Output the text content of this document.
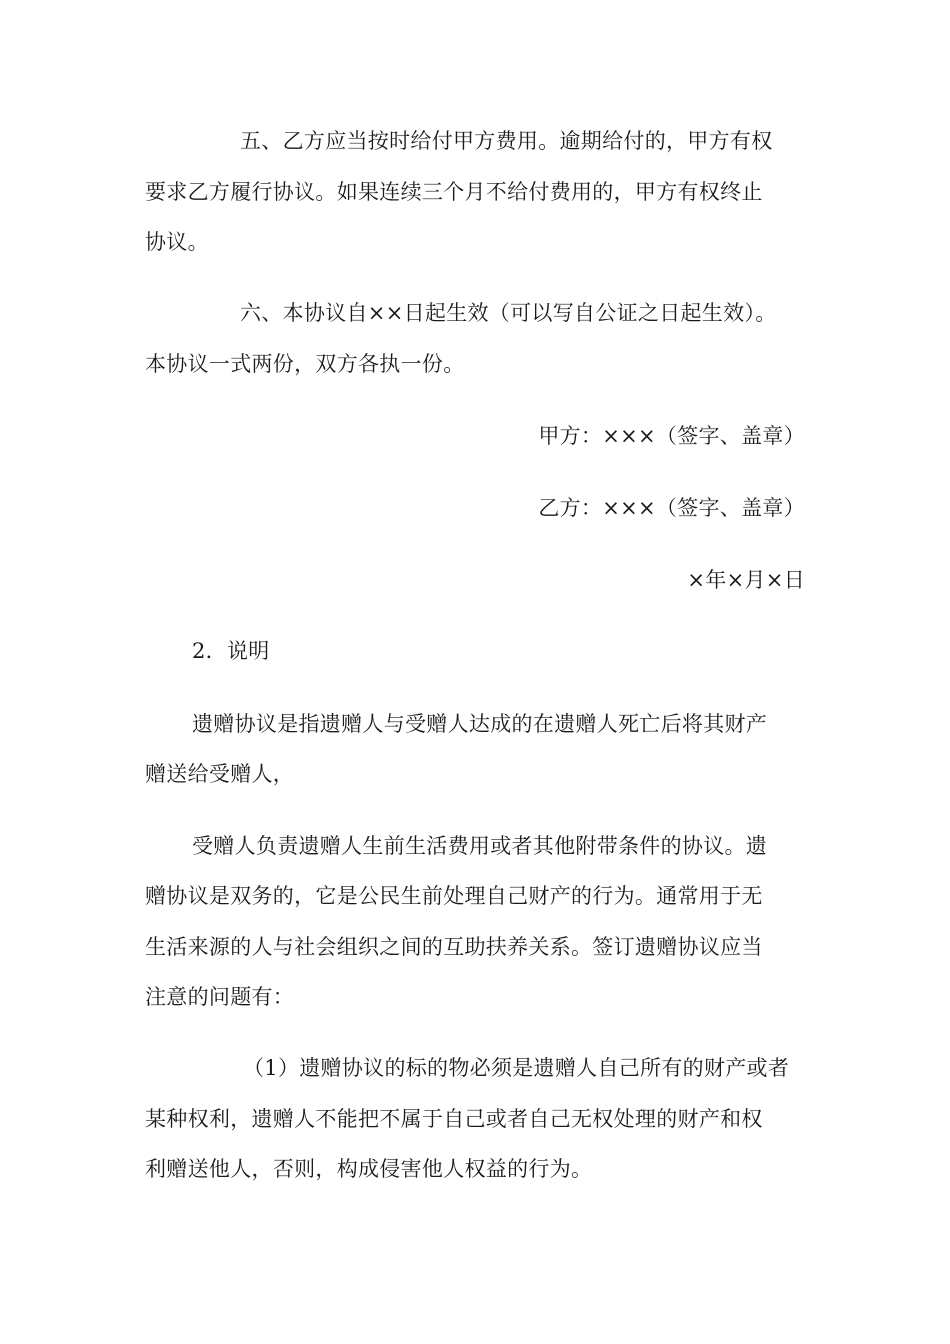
五、乙方应当按时给付甲方费用。逾期给付的，甲方有权
要求乙方履行协议。如果连续三个月不给付费用的，甲方有权终止
协议。
六、本协议自××日起生效（可以写自公证之日起生效）。
本协议一式两份，双方各执一份。
甲方：×××（签字、盖章）
乙方：×××（签字、盖章）
×年×月×日
2．说明
遗赠协议是指遗赠人与受赠人达成的在遗赠人死亡后将其财产
赠送给受赠人，
受赠人负责遗赠人生前生活费用或者其他附带条件的协议。遗
赠协议是双务的，它是公民生前处理自己财产的行为。通常用于无
生活来源的人与社会组织之间的互助扶养关系。签订遗赠协议应当
注意的问题有：
（1）遗赠协议的标的物必须是遗赠人自己所有的财产或者
某种权利，遗赠人不能把不属于自己或者自己无权处理的财产和权
利赠送他人，否则，构成侵害他人权益的行为。
